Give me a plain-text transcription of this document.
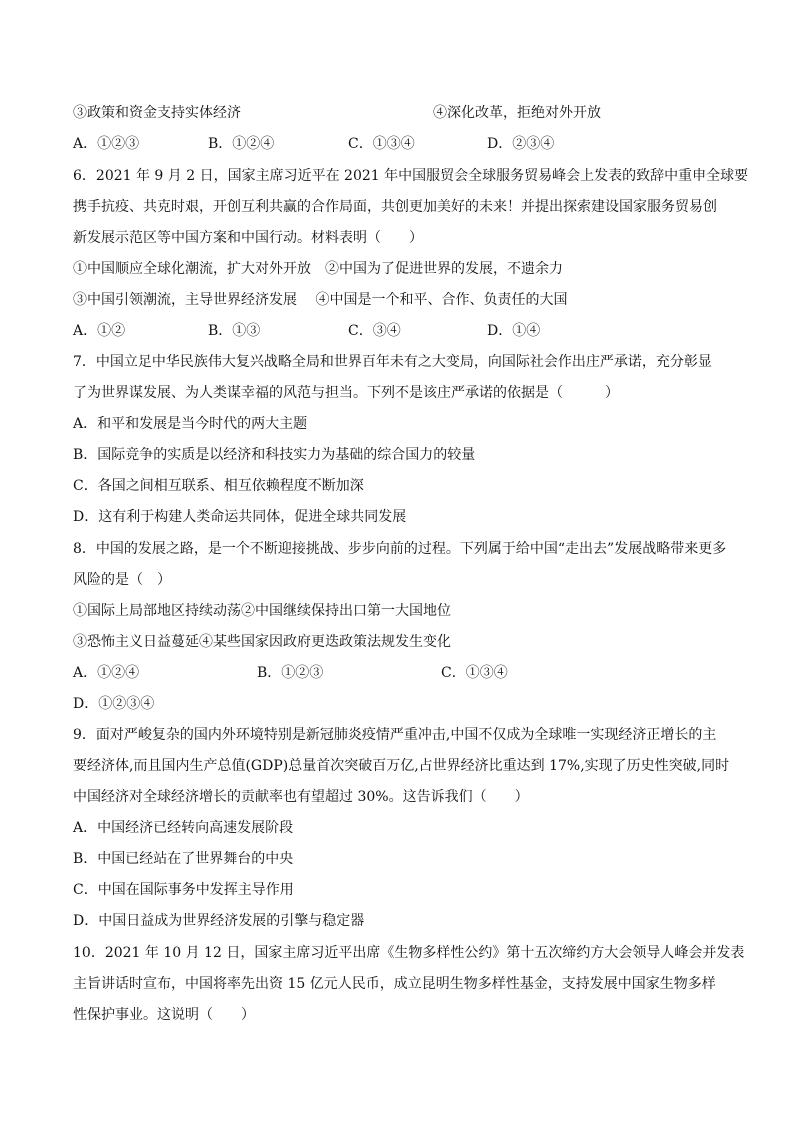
③政策和资金支持实体经济	④深化改革，拒绝对外开放
A．①②③	B．①②④	C．①③④	D．②③④
6．2021 年 9 月 2 日，国家主席习近平在 2021 年中国服贸会全球服务贸易峰会上发表的致辞中重申全球要
携手抗疫、共克时艰，开创互利共赢的合作局面，共创更加美好的未来！并提出探索建设国家服务贸易创
新发展示范区等中国方案和中国行动。材料表明（　　）
①中国顺应全球化潮流，扩大对外开放　②中国为了促进世界的发展，不遗余力
③中国引领潮流，主导世界经济发展　 ④中国是一个和平、合作、负责任的大国
A．①②	B．①③	C．③④	D．①④
7．中国立足中华民族伟大复兴战略全局和世界百年未有之大变局，向国际社会作出庄严承诺，充分彰显
了为世界谋发展、为人类谋幸福的风范与担当。下列不是该庄严承诺的依据是（　　　）
A．和平和发展是当今时代的两大主题
B．国际竞争的实质是以经济和科技实力为基础的综合国力的较量
C．各国之间相互联系、相互依赖程度不断加深
D．这有利于构建人类命运共同体，促进全球共同发展
8．中国的发展之路，是一个不断迎接挑战、步步向前的过程。下列属于给中国“走出去”发展战略带来更多
风险的是（　）
①国际上局部地区持续动荡②中国继续保持出口第一大国地位
③恐怖主义日益蔓延④某些国家因政府更迭政策法规发生变化
A．①②④	B．①②③	C．①③④
D．①②③④
9．面对严峻复杂的国内外环境特别是新冠肺炎疫情严重冲击,中国不仅成为全球唯一实现经济正增长的主
要经济体,而且国内生产总值(GDP)总量首次突破百万亿,占世界经济比重达到 17%,实现了历史性突破,同时
中国经济对全球经济增长的贡献率也有望超过 30%。这告诉我们（　　）
A．中国经济已经转向高速发展阶段
B．中国已经站在了世界舞台的中央
C．中国在国际事务中发挥主导作用
D．中国日益成为世界经济发展的引擎与稳定器
10．2021 年 10 月 12 日，国家主席习近平出席《生物多样性公约》第十五次缔约方大会领导人峰会并发表
主旨讲话时宣布，中国将率先出资 15 亿元人民币，成立昆明生物多样性基金，支持发展中国家生物多样
性保护事业。这说明（　　）
